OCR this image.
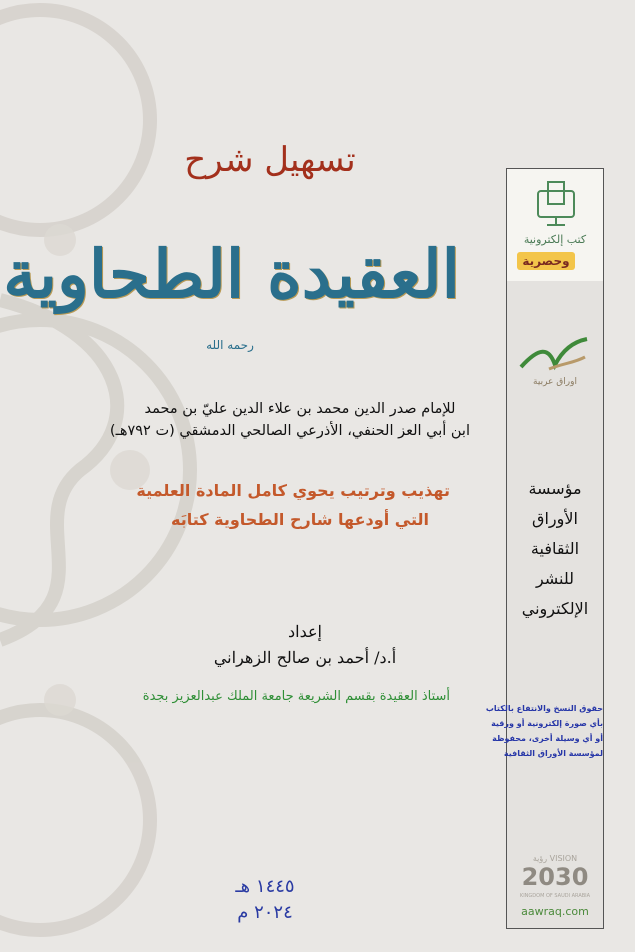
تسهيل شرح
العقيدة الطحاوية
رحمه الله
للإمام صدر الدين محمد بن علاء الدين عليّ بن محمد
ابن أبي العز الحنفي، الأذرعي الصالحي الدمشقي (ت ٧٩٢هـ)
تهذيب وترتيب يحوي كامل المادة العلمية
التي أودعها شارح الطحاوية كتابَه
إعداد
أ.د/ أحمد بن صالح الزهراني
أستاذ العقيدة بقسم الشريعة جامعة الملك عبدالعزيز بجدة
١٤٤٥ هـ
٢٠٢٤ م
كتب إلكترونية
وحصرية
اوراق عربية
مؤسسة
الأوراق
الثقافية
للنشر
الإلكتروني
حقوق النسخ والانتفاع بالكتاب
بأي صورة إلكترونية أو ورقية
أو أي وسيلة أخرى، محفوظة
لمؤسسة الأوراق الثقافية
VISION رؤية
2030
KINGDOM OF SAUDI ARABIA
aawraq.com
